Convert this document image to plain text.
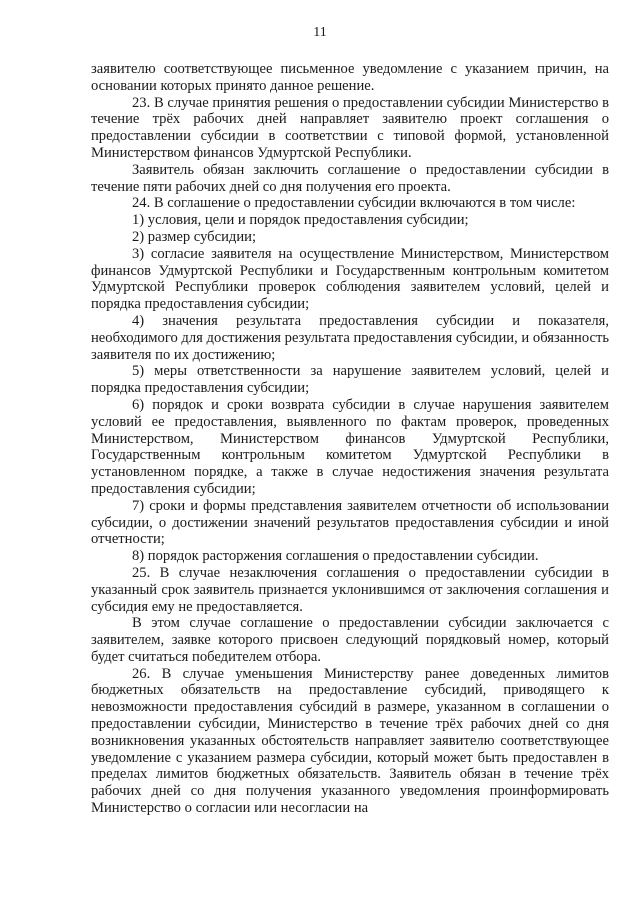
11

заявителю соответствующее письменное уведомление с указанием причин, на основании которых принято данное решение.

23. В случае принятия решения о предоставлении субсидии Министерство в течение трёх рабочих дней направляет заявителю проект соглашения о предоставлении субсидии в соответствии с типовой формой, установленной Министерством финансов Удмуртской Республики.

Заявитель обязан заключить соглашение о предоставлении субсидии в течение пяти рабочих дней со дня получения его проекта.

24. В соглашение о предоставлении субсидии включаются в том числе:

1) условия, цели и порядок предоставления субсидии;

2) размер субсидии;

3) согласие заявителя на осуществление Министерством, Министерством финансов Удмуртской Республики и Государственным контрольным комитетом Удмуртской Республики проверок соблюдения заявителем условий, целей и порядка предоставления субсидии;

4) значения результата предоставления субсидии и показателя, необходимого для достижения результата предоставления субсидии, и обязанность заявителя по их достижению;

5) меры ответственности за нарушение заявителем условий, целей и порядка предоставления субсидии;

6) порядок и сроки возврата субсидии в случае нарушения заявителем условий ее предоставления, выявленного по фактам проверок, проведенных Министерством, Министерством финансов Удмуртской Республики, Государственным контрольным комитетом Удмуртской Республики в установленном порядке, а также в случае недостижения значения результата предоставления субсидии;

7) сроки и формы представления заявителем отчетности об использовании субсидии, о достижении значений результатов предоставления субсидии и иной отчетности;

8) порядок расторжения соглашения о предоставлении субсидии.

25. В случае незаключения соглашения о предоставлении субсидии в указанный срок заявитель признается уклонившимся от заключения соглашения и субсидия ему не предоставляется.

В этом случае соглашение о предоставлении субсидии заключается с заявителем, заявке которого присвоен следующий порядковый номер, который будет считаться победителем отбора.

26. В случае уменьшения Министерству ранее доведенных лимитов бюджетных обязательств на предоставление субсидий, приводящего к невозможности предоставления субсидий в размере, указанном в соглашении о предоставлении субсидии, Министерство в течение трёх рабочих дней со дня возникновения указанных обстоятельств направляет заявителю соответствующее уведомление с указанием размера субсидии, который может быть предоставлен в пределах лимитов бюджетных обязательств. Заявитель обязан в течение трёх рабочих дней со дня получения указанного уведомления проинформировать Министерство о согласии или несогласии на
